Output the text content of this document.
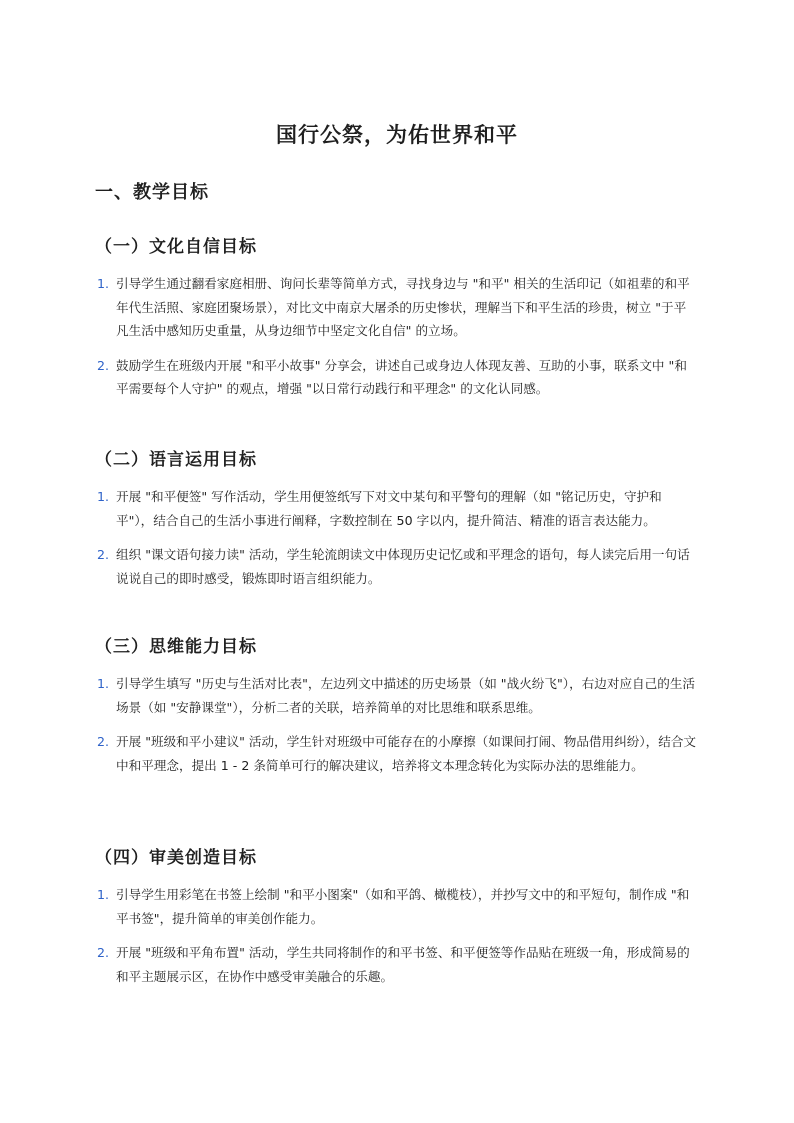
国行公祭，为佑世界和平
一、教学目标
（一）文化自信目标
1. 引导学生通过翻看家庭相册、询问长辈等简单方式，寻找身边与 "和平" 相关的生活印记（如祖辈的和平年代生活照、家庭团聚场景），对比文中南京大屠杀的历史惨状，理解当下和平生活的珍贵，树立 "于平凡生活中感知历史重量，从身边细节中坚定文化自信" 的立场。
2. 鼓励学生在班级内开展 "和平小故事" 分享会，讲述自己或身边人体现友善、互助的小事，联系文中 "和平需要每个人守护" 的观点，增强 "以日常行动践行和平理念" 的文化认同感。
（二）语言运用目标
1. 开展 "和平便签" 写作活动，学生用便签纸写下对文中某句和平警句的理解（如 "铭记历史，守护和平"），结合自己的生活小事进行阐释，字数控制在 50 字以内，提升简洁、精准的语言表达能力。
2. 组织 "课文语句接力读" 活动，学生轮流朗读文中体现历史记忆或和平理念的语句，每人读完后用一句话说说自己的即时感受，锻炼即时语言组织能力。
（三）思维能力目标
1. 引导学生填写 "历史与生活对比表"，左边列文中描述的历史场景（如 "战火纷飞"），右边对应自己的生活场景（如 "安静课堂"），分析二者的关联，培养简单的对比思维和联系思维。
2. 开展 "班级和平小建议" 活动，学生针对班级中可能存在的小摩擦（如课间打闹、物品借用纠纷），结合文中和平理念，提出 1 - 2 条简单可行的解决建议，培养将文本理念转化为实际办法的思维能力。
（四）审美创造目标
1. 引导学生用彩笔在书签上绘制 "和平小图案"（如和平鸽、橄榄枝），并抄写文中的和平短句，制作成 "和平书签"，提升简单的审美创作能力。
2. 开展 "班级和平角布置" 活动，学生共同将制作的和平书签、和平便签等作品贴在班级一角，形成简易的和平主题展示区，在协作中感受审美融合的乐趣。
